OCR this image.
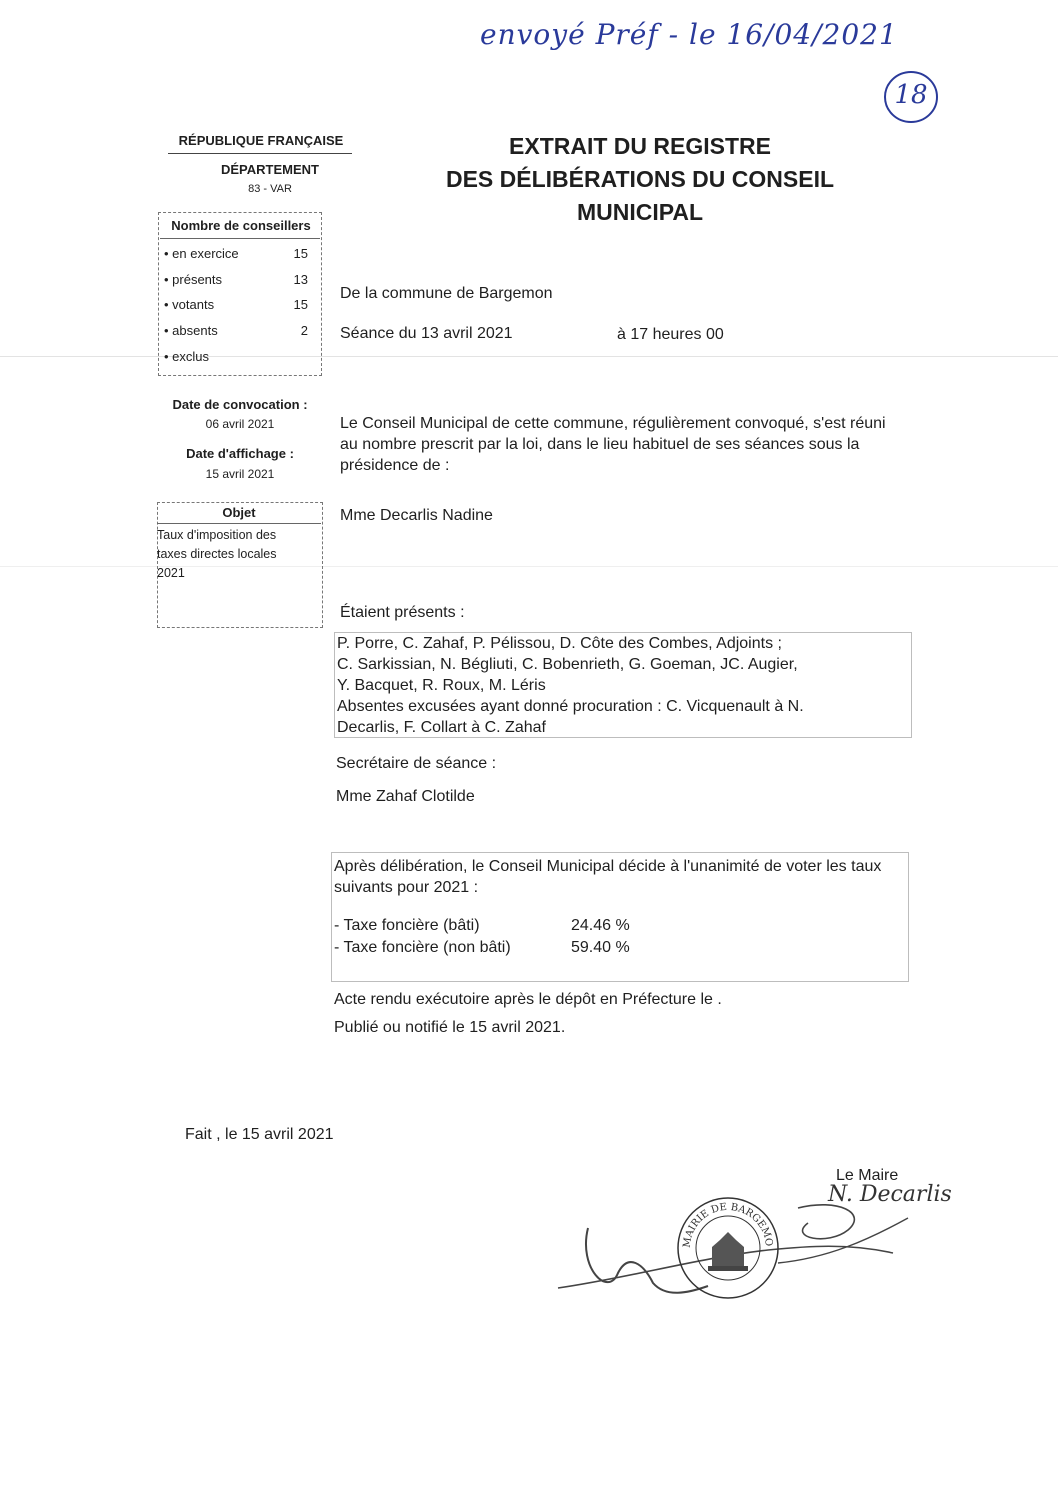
envoyé Préf - le 16/04/2021
18
RÉPUBLIQUE FRANÇAISE
DÉPARTEMENT
83 - VAR
EXTRAIT DU REGISTRE
DES DÉLIBÉRATIONS DU CONSEIL
MUNICIPAL
Nombre de conseillers
• en exercice	15
• présents	13
• votants	15
• absents	2
• exclus
Date de convocation :
06 avril 2021
Date d'affichage :
15 avril 2021
Objet
Taux d'imposition des taxes directes locales 2021
De la commune de Bargemon
Séance du 13 avril 2021	à 17 heures 00
Le Conseil Municipal de cette commune, régulièrement convoqué, s'est réuni au nombre prescrit par la loi, dans le lieu habituel de ses séances sous la présidence de :
Mme Decarlis Nadine
Étaient présents :
P. Porre, C. Zahaf, P. Pélissou, D. Côte des Combes, Adjoints ;
C. Sarkissian, N. Bégliuti, C. Bobenrieth, G. Goeman, JC. Augier,
Y. Bacquet, R. Roux, M. Léris
Absentes excusées ayant donné procuration : C. Vicquenault à N.
Decarlis, F. Collart à C. Zahaf
Secrétaire de séance :
Mme Zahaf Clotilde
Après délibération, le Conseil Municipal décide à l'unanimité de voter les taux suivants pour 2021 :
- Taxe foncière (bâti)	24.46 %
- Taxe foncière (non bâti)	59.40 %
Acte rendu exécutoire après le dépôt en Préfecture le .
Publié ou notifié le 15 avril 2021.
Fait , le 15 avril 2021
Le Maire
N. Decarlis
MAIRIE DE BARGEMO
